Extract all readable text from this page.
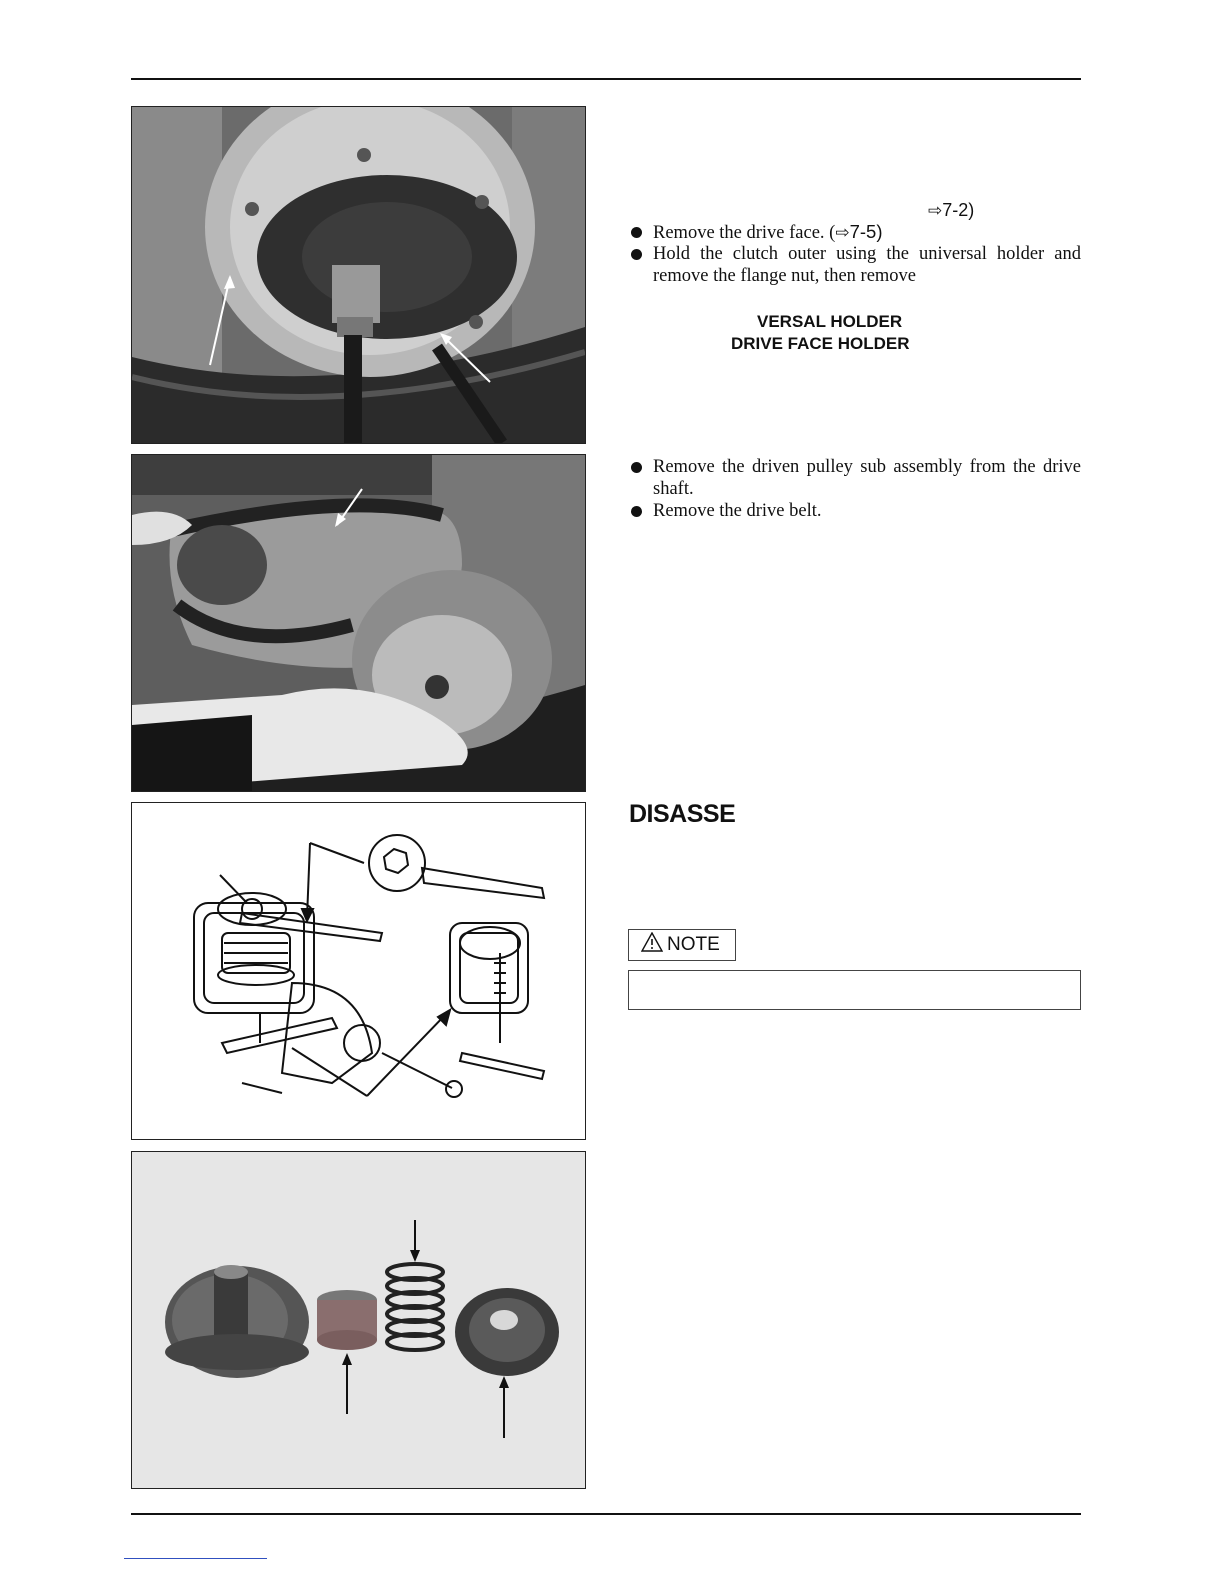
⇨7-2)
Remove the drive face. (⇨7-5)
Hold the clutch outer using the universal holder and remove the flange nut, then remove
VERSAL HOLDER
DRIVE FACE HOLDER
Remove the driven pulley sub assembly from the drive shaft.
Remove the drive belt.
DISASSE
NOTE
